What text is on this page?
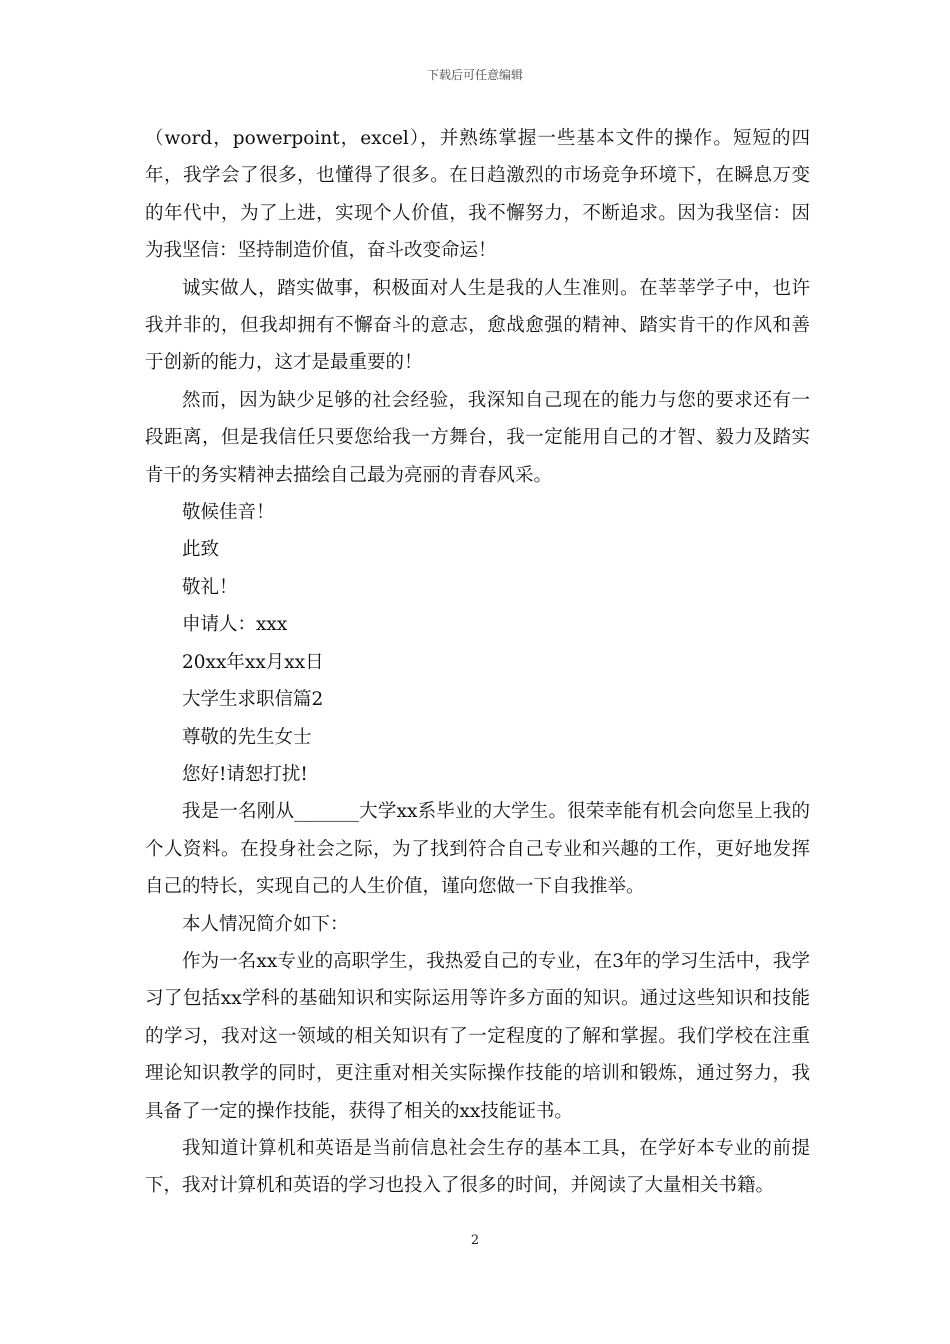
下载后可任意编辑

（word，powerpoint，excel），并熟练掌握一些基本文件的操作。短短的四年，我学会了很多，也懂得了很多。在日趋激烈的市场竞争环境下，在瞬息万变的年代中，为了上进，实现个人价值，我不懈努力，不断追求。因为我坚信：因为我坚信：坚持制造价值，奋斗改变命运！

诚实做人，踏实做事，积极面对人生是我的人生准则。在莘莘学子中，也许我并非的，但我却拥有不懈奋斗的意志，愈战愈强的精神、踏实肯干的作风和善于创新的能力，这才是最重要的！

然而，因为缺少足够的社会经验，我深知自己现在的能力与您的要求还有一段距离，但是我信任只要您给我一方舞台，我一定能用自己的才智、毅力及踏实肯干的务实精神去描绘自己最为亮丽的青春风采。

敬候佳音！

此致

敬礼！

申请人：xxx

20xx年xx月xx日

大学生求职信篇2

尊敬的先生女士

您好!请恕打扰!

我是一名刚从_______大学xx系毕业的大学生。很荣幸能有机会向您呈上我的个人资料。在投身社会之际，为了找到符合自己专业和兴趣的工作，更好地发挥自己的特长，实现自己的人生价值，谨向您做一下自我推举。

本人情况简介如下：

作为一名xx专业的高职学生，我热爱自己的专业，在3年的学习生活中，我学习了包括xx学科的基础知识和实际运用等许多方面的知识。通过这些知识和技能的学习，我对这一领域的相关知识有了一定程度的了解和掌握。我们学校在注重理论知识教学的同时，更注重对相关实际操作技能的培训和锻炼，通过努力，我具备了一定的操作技能，获得了相关的xx技能证书。

我知道计算机和英语是当前信息社会生存的基本工具，在学好本专业的前提下，我对计算机和英语的学习也投入了很多的时间，并阅读了大量相关书籍。

2
